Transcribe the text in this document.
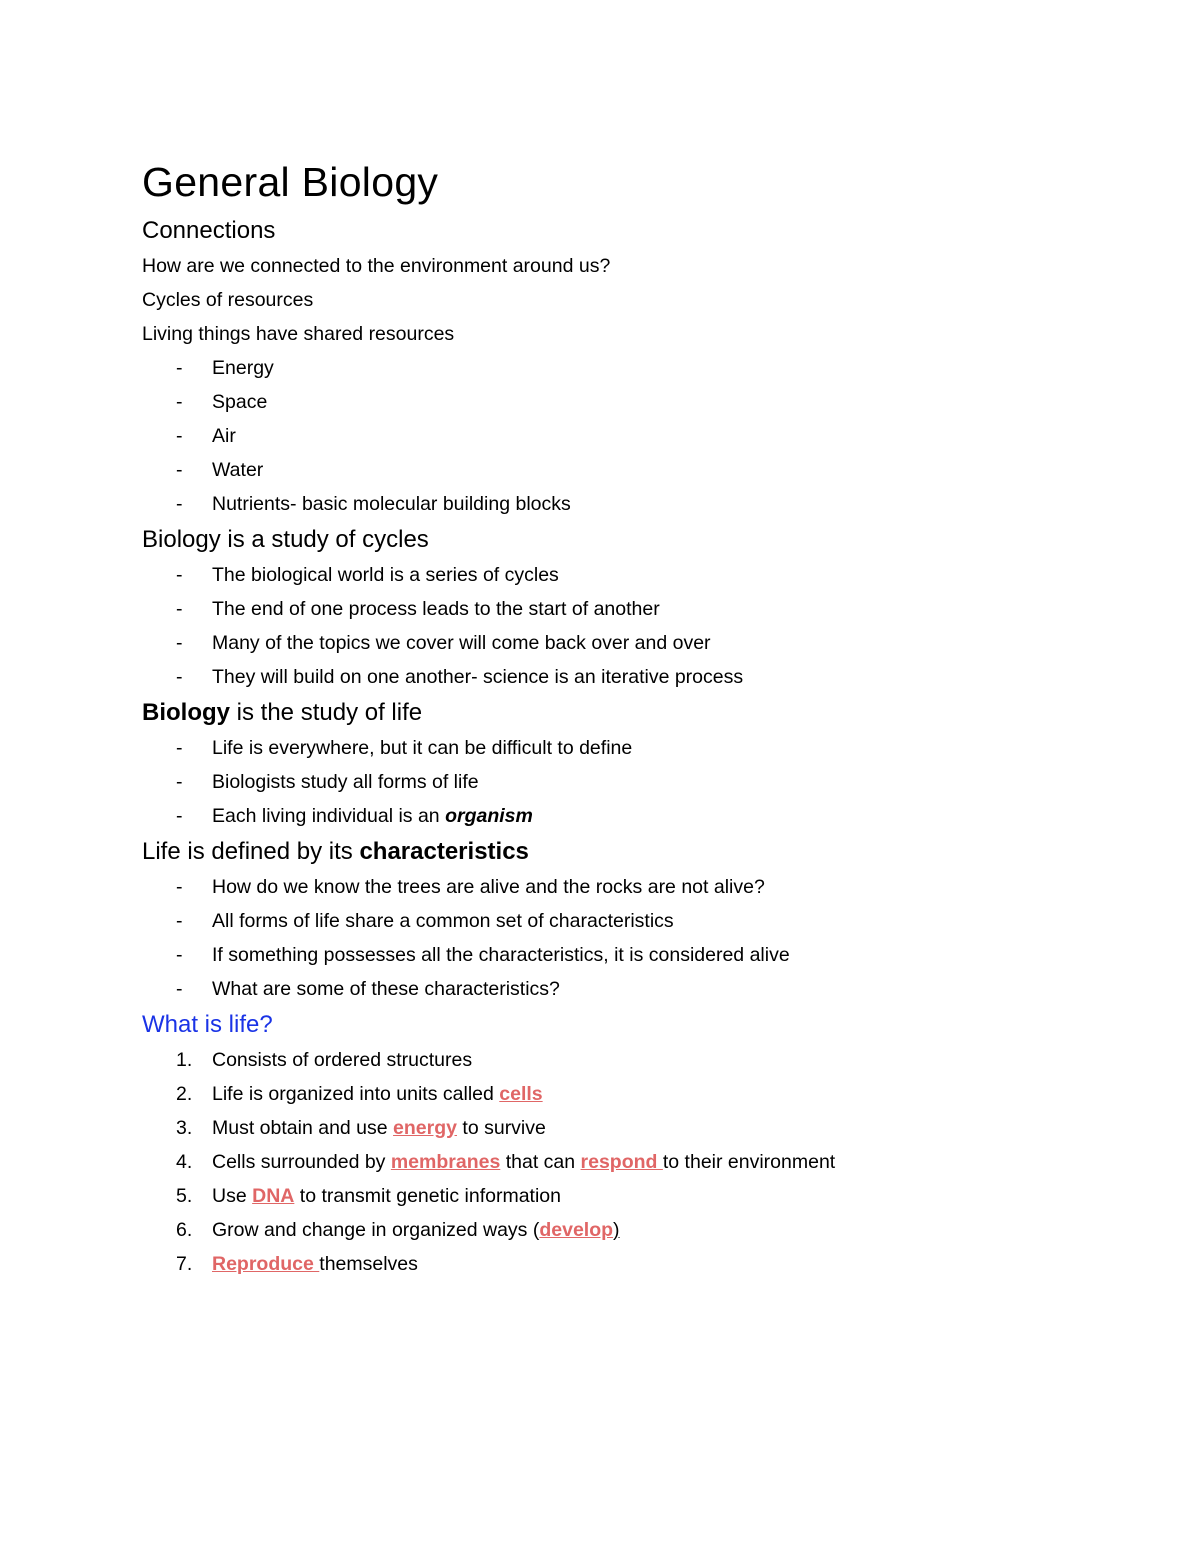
General Biology
Connections

How are we connected to the environment around us?

Cycles of resources

Living things have shared resources

- Energy
- Space
- Air
- Water
- Nutrients- basic molecular building blocks
Biology is a study of cycles
- The biological world is a series of cycles
- The end of one process leads to the start of another
- Many of the topics we cover will come back over and over
- They will build on one another- science is an iterative process
Biology is the study of life
- Life is everywhere, but it can be difficult to define
- Biologists study all forms of life
- Each living individual is an organism
Life is defined by its characteristics
- How do we know the trees are alive and the rocks are not alive?
- All forms of life share a common set of characteristics
- If something possesses all the characteristics, it is considered alive
- What are some of these characteristics?
What is life?
1. Consists of ordered structures
2. Life is organized into units called cells
3. Must obtain and use energy to survive
4. Cells surrounded by membranes that can respond to their environment
5. Use DNA to transmit genetic information
6. Grow and change in organized ways (develop)
7. Reproduce themselves
